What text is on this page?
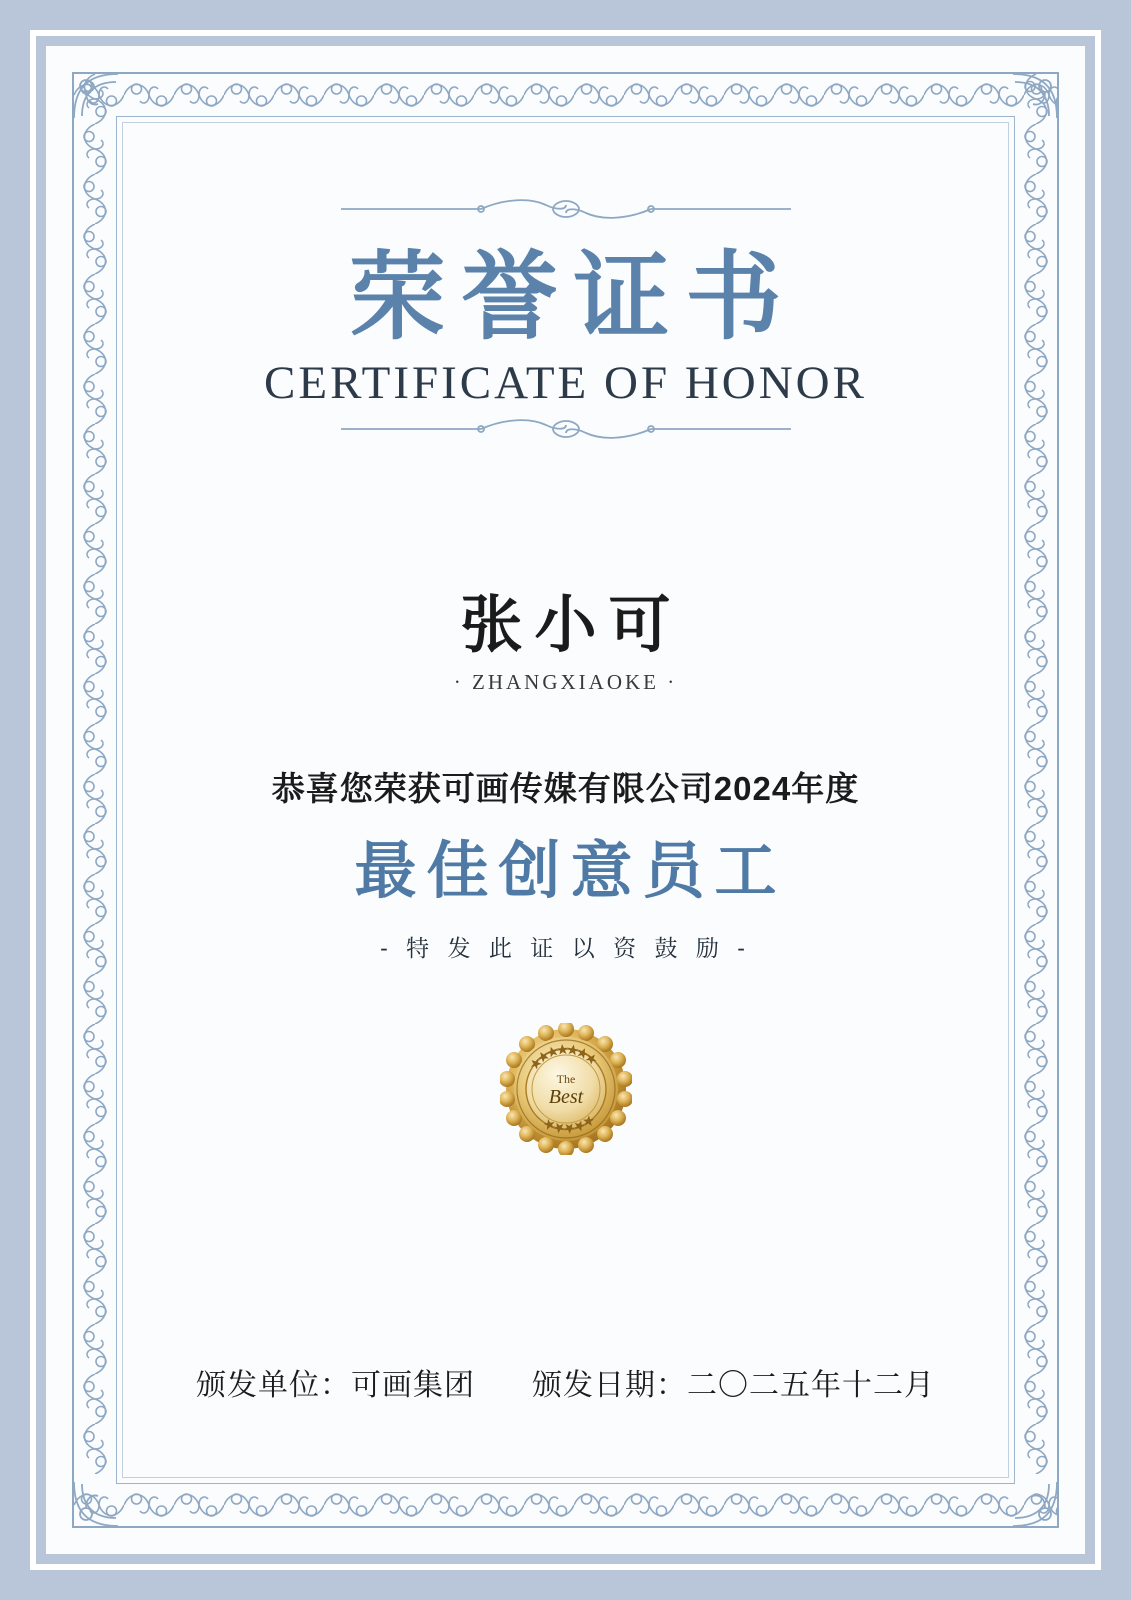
荣誉证书
CERTIFICATE OF HONOR
张小可
· ZHANGXIAOKE ·
恭喜您荣获可画传媒有限公司2024年度
最佳创意员工
- 特 发 此 证 以 资 鼓 励 -
The
Best
颁发单位：可画集团 颁发日期：二〇二五年十二月
